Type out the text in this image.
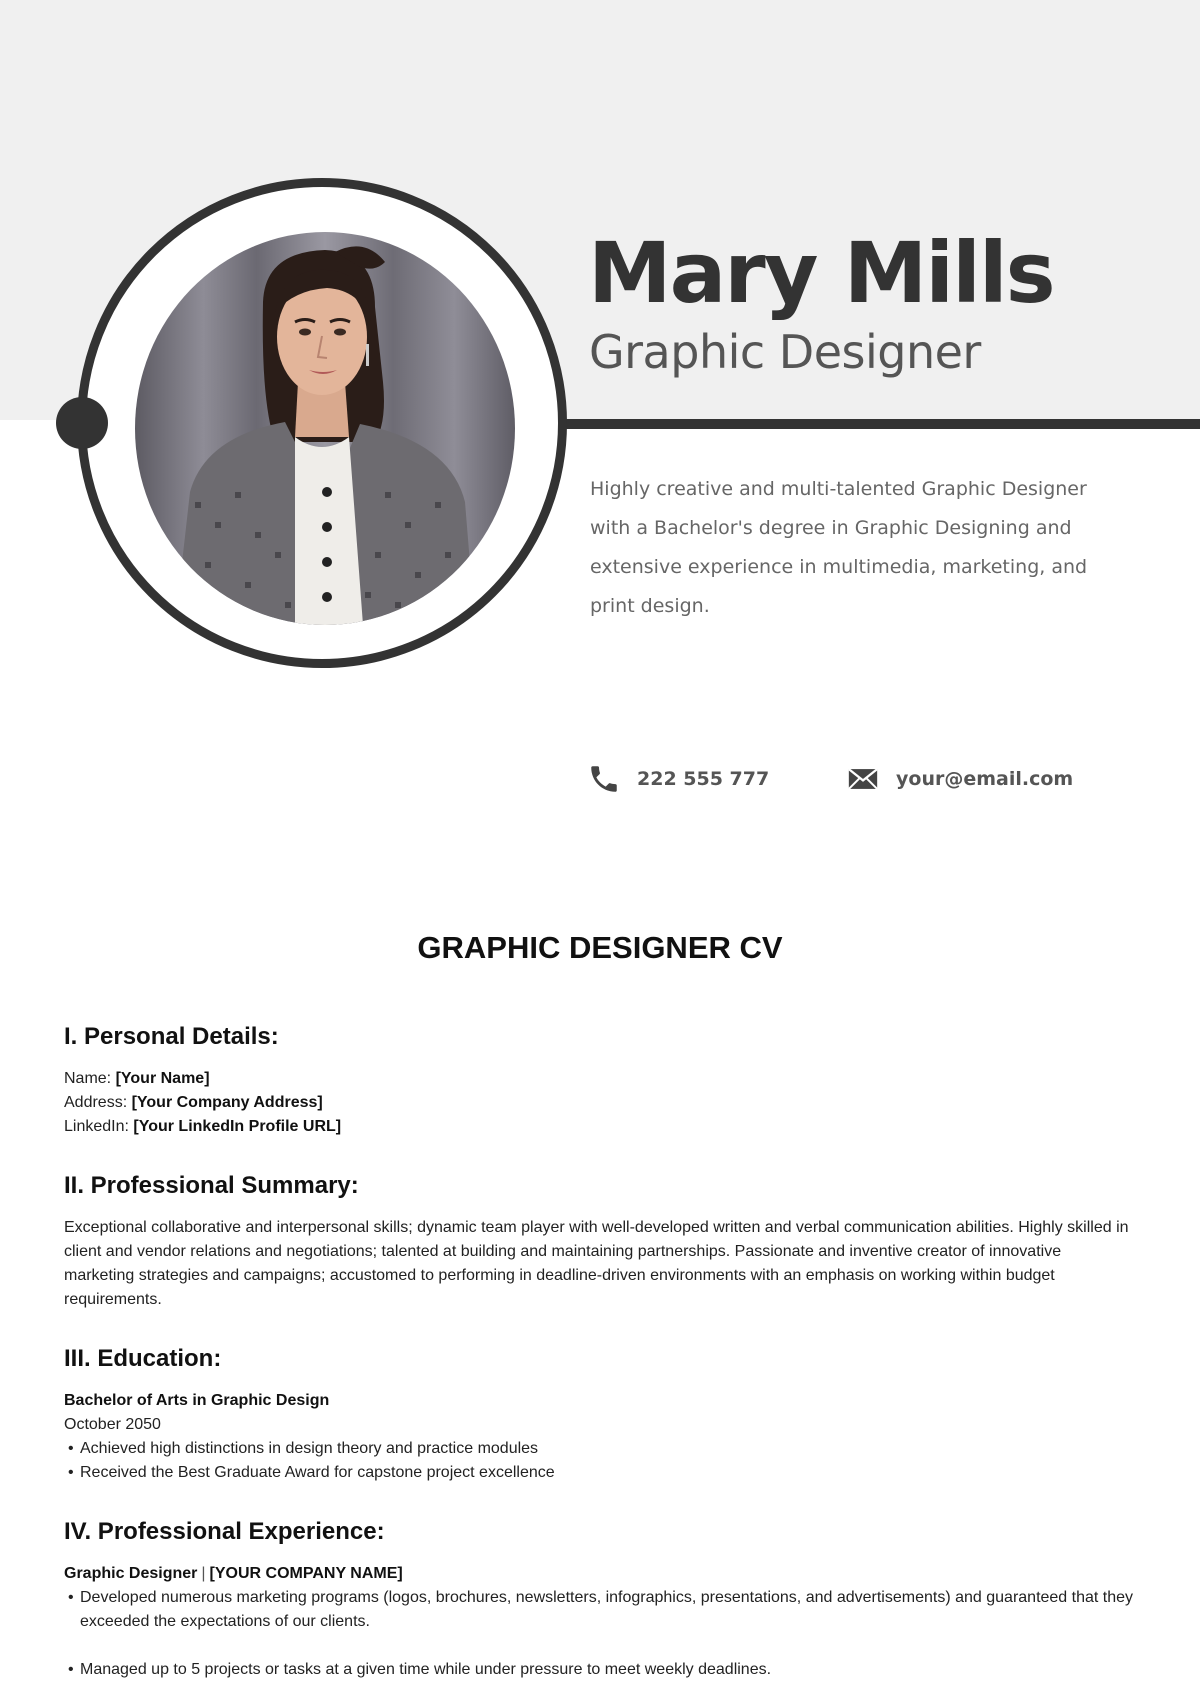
Mary Mills
Graphic Designer

Highly creative and multi-talented Graphic Designer with a Bachelor's degree in Graphic Designing and extensive experience in multimedia, marketing, and print design.

222 555 777	your@email.com
GRAPHIC DESIGNER CV
I. Personal Details:
Name: [Your Name]
Address: [Your Company Address]
LinkedIn: [Your LinkedIn Profile URL]
II. Professional Summary:

Exceptional collaborative and interpersonal skills; dynamic team player with well-developed written and verbal communication abilities. Highly skilled in client and vendor relations and negotiations; talented at building and maintaining partnerships. Passionate and inventive creator of innovative marketing strategies and campaigns; accustomed to performing in deadline-driven environments with an emphasis on working within budget requirements.

III. Education:
Bachelor of Arts in Graphic Design
October 2050
• Achieved high distinctions in design theory and practice modules
• Received the Best Graduate Award for capstone project excellence
IV. Professional Experience:
Graphic Designer | [YOUR COMPANY NAME]
• Developed numerous marketing programs (logos, brochures, newsletters, infographics, presentations, and advertisements) and guaranteed that they exceeded the expectations of our clients.
• Managed up to 5 projects or tasks at a given time while under pressure to meet weekly deadlines.
